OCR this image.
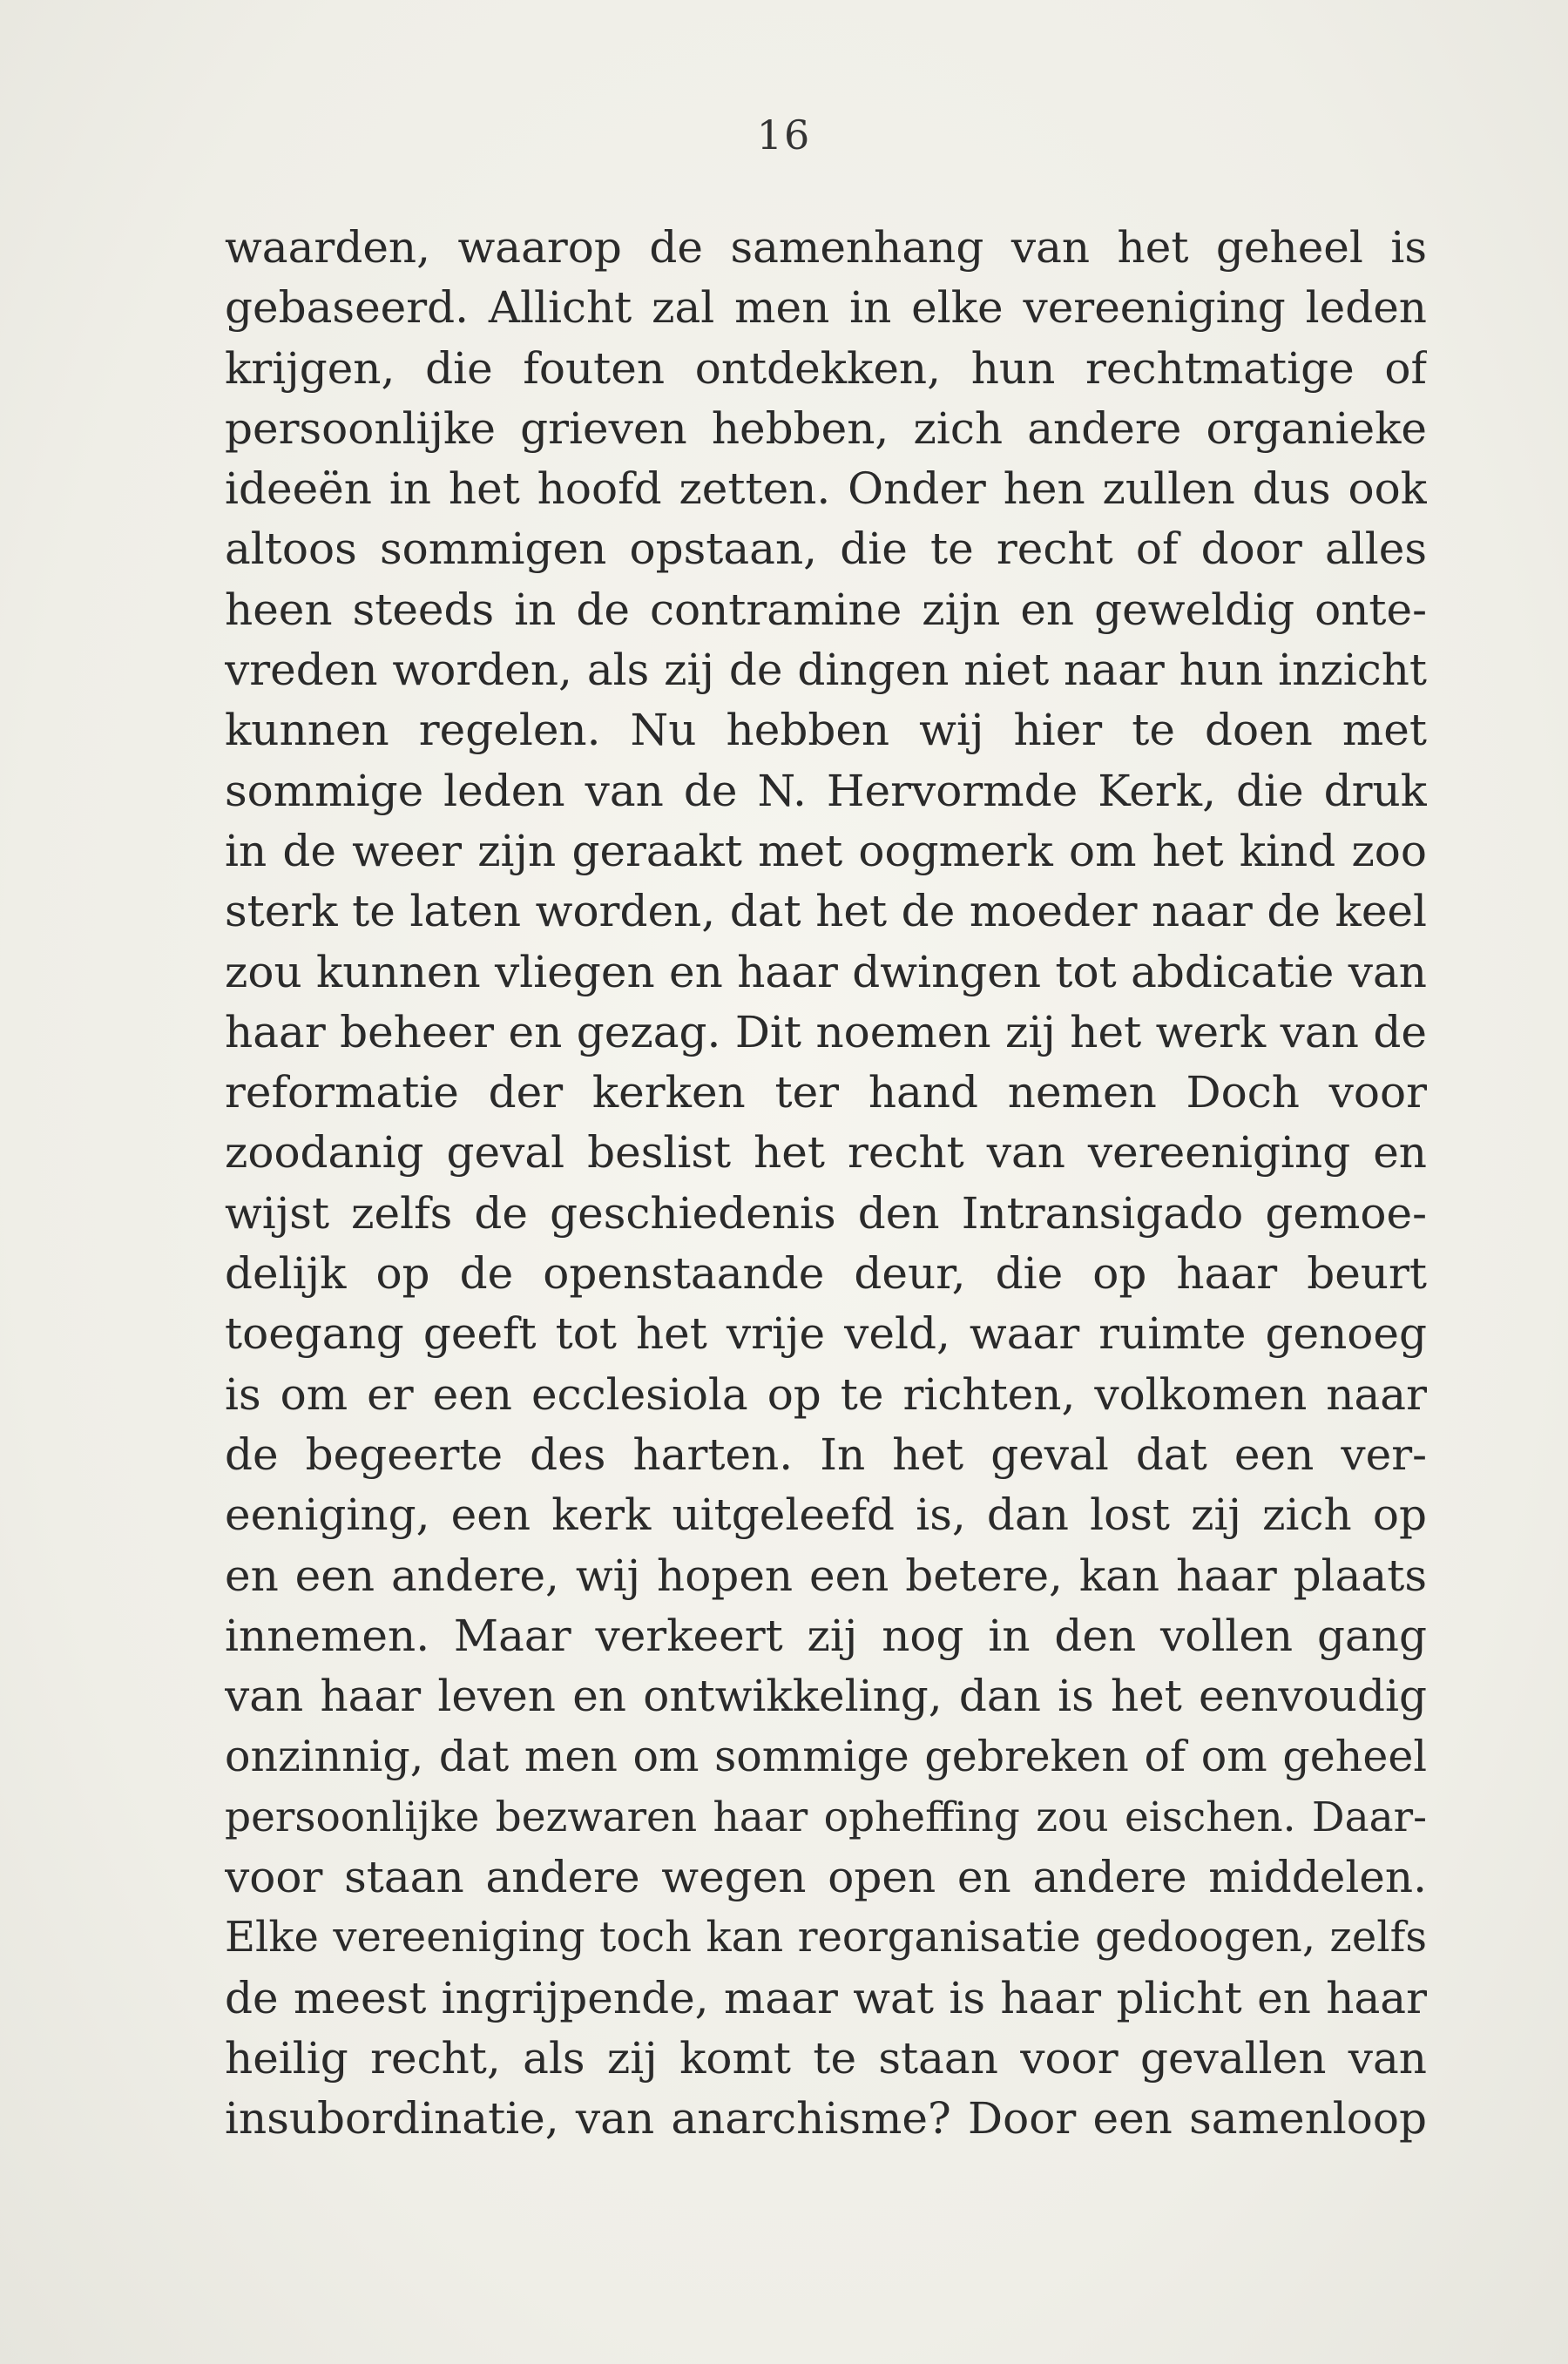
16
waarden, waarop de samenhang van het geheel is
gebaseerd. Allicht zal men in elke vereeniging leden
krijgen, die fouten ontdekken, hun rechtmatige of
persoonlijke grieven hebben, zich andere organieke
ideeën in het hoofd zetten. Onder hen zullen dus ook
altoos sommigen opstaan, die te recht of door alles
heen steeds in de contramine zijn en geweldig onte-
vreden worden, als zij de dingen niet naar hun inzicht
kunnen regelen. Nu hebben wij hier te doen met
sommige leden van de N. Hervormde Kerk, die druk
in de weer zijn geraakt met oogmerk om het kind zoo
sterk te laten worden, dat het de moeder naar de keel
zou kunnen vliegen en haar dwingen tot abdicatie van
haar beheer en gezag. Dit noemen zij het werk van de
reformatie der kerken ter hand nemen Doch voor
zoodanig geval beslist het recht van vereeniging en
wijst zelfs de geschiedenis den Intransigado gemoe-
delijk op de openstaande deur, die op haar beurt
toegang geeft tot het vrije veld, waar ruimte genoeg
is om er een ecclesiola op te richten, volkomen naar
de begeerte des harten. In het geval dat een ver-
eeniging, een kerk uitgeleefd is, dan lost zij zich op
en een andere, wij hopen een betere, kan haar plaats
innemen. Maar verkeert zij nog in den vollen gang
van haar leven en ontwikkeling, dan is het eenvoudig
onzinnig, dat men om sommige gebreken of om geheel
persoonlijke bezwaren haar opheffing zou eischen. Daar-
voor staan andere wegen open en andere middelen.
Elke vereeniging toch kan reorganisatie gedoogen, zelfs
de meest ingrijpende, maar wat is haar plicht en haar
heilig recht, als zij komt te staan voor gevallen van
insubordinatie, van anarchisme? Door een samenloop
